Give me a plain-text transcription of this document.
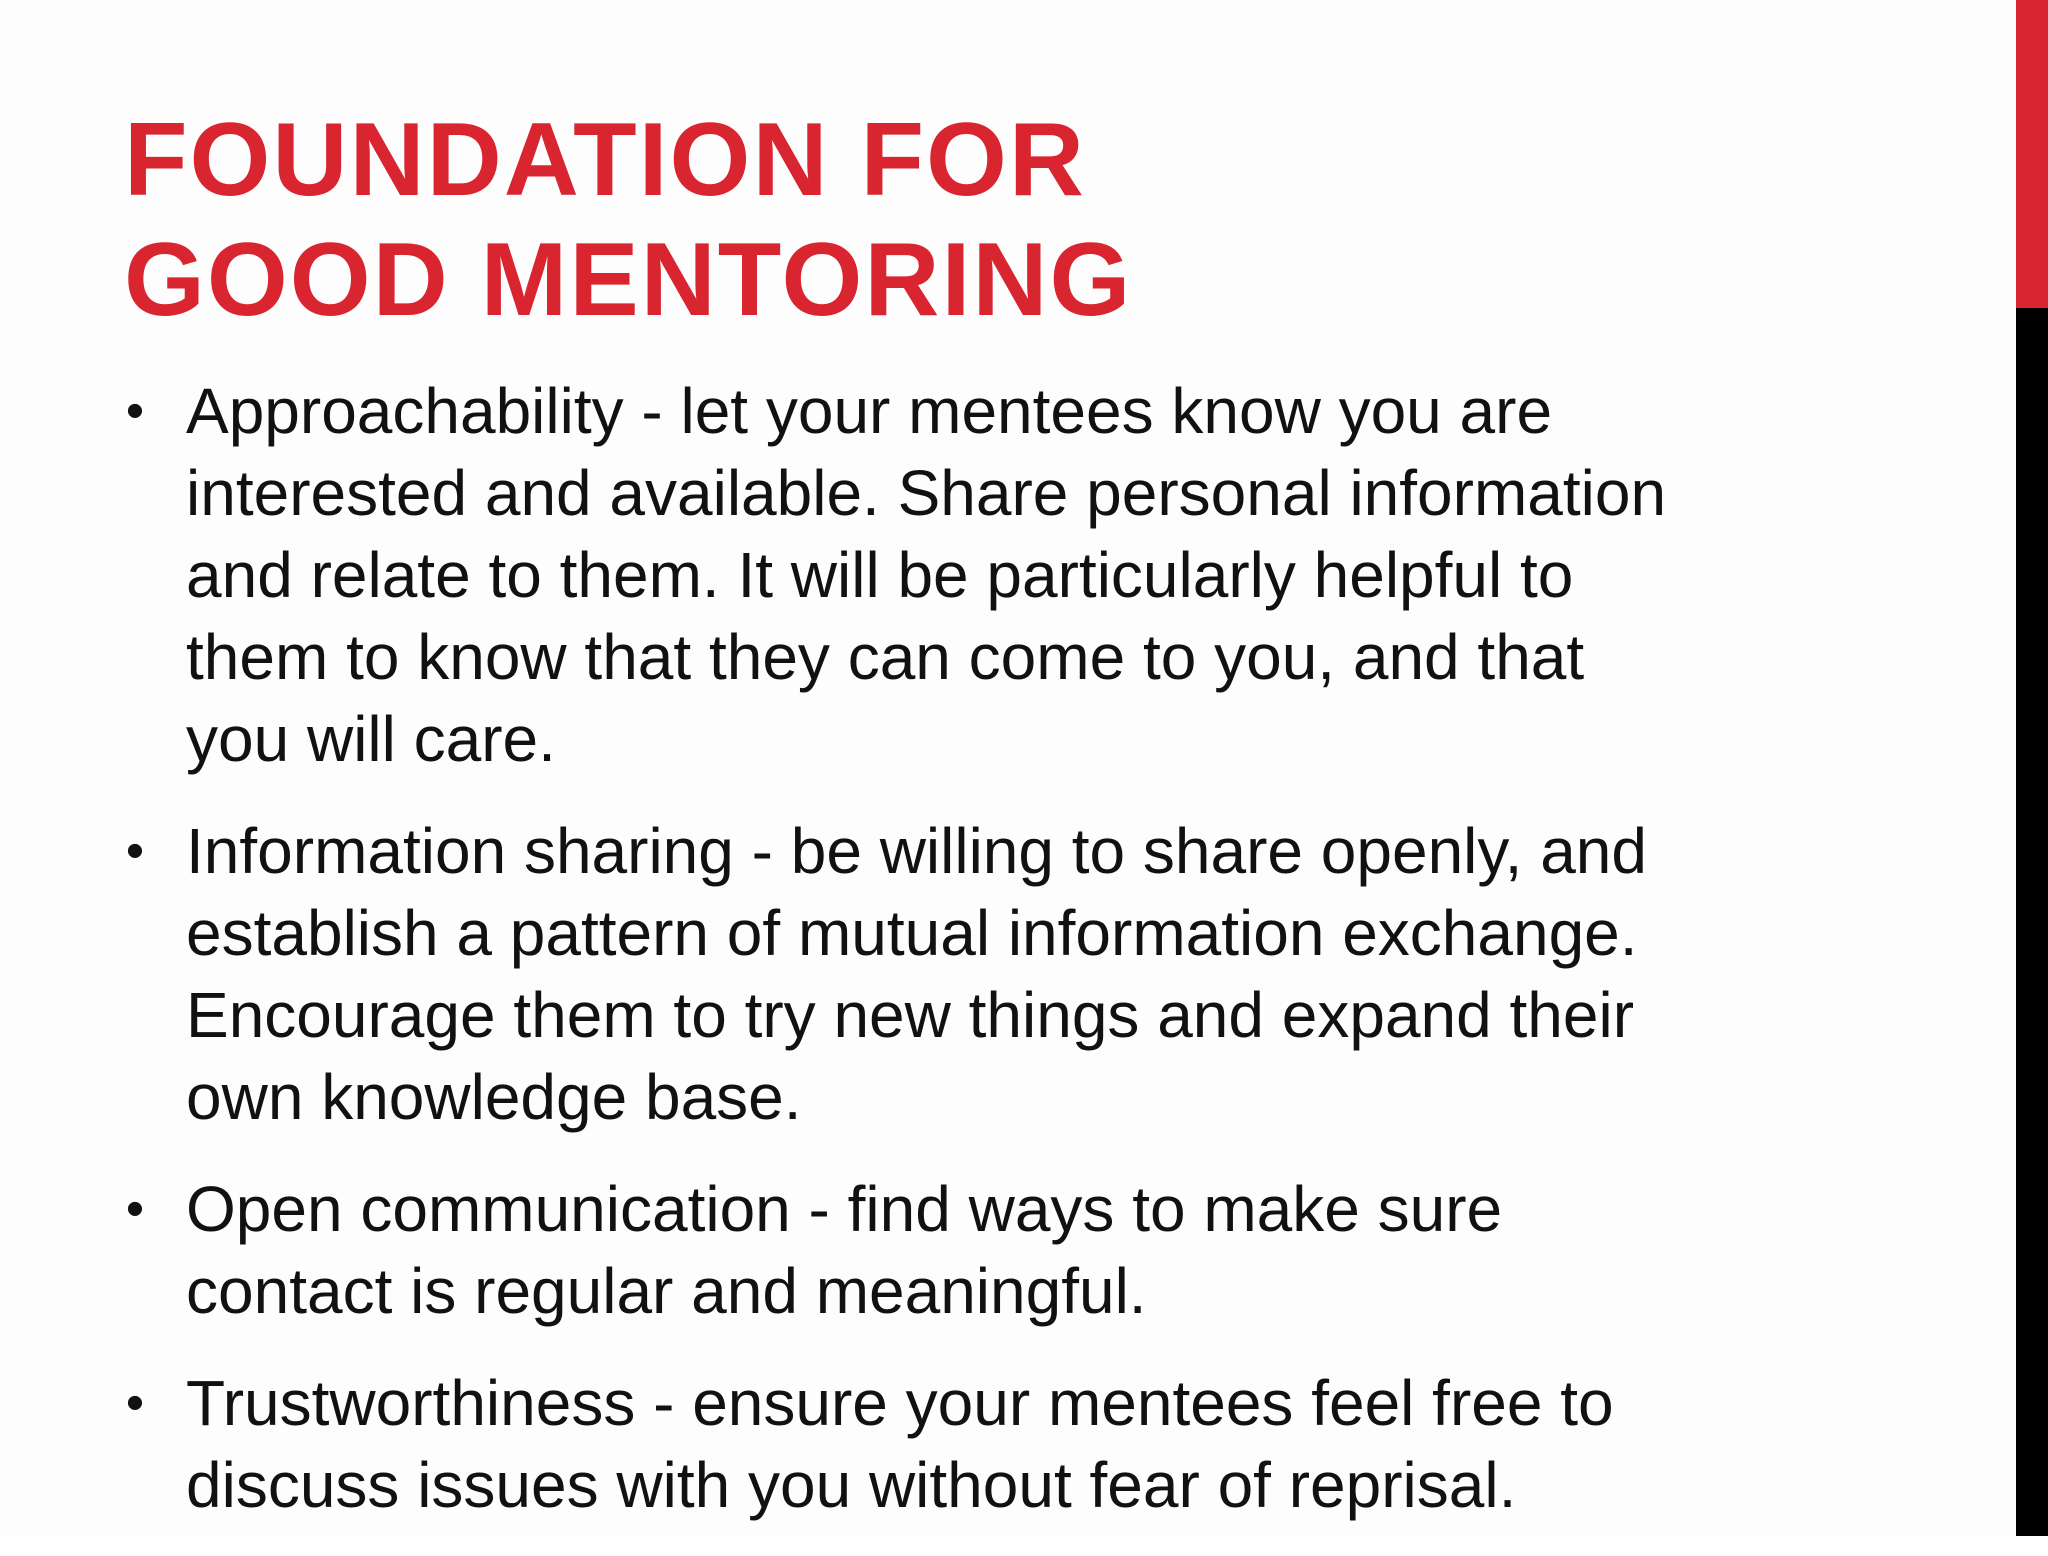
FOUNDATION FOR
GOOD MENTORING
• Approachability - let your mentees know you are
interested and available. Share personal information
and relate to them. It will be particularly helpful to
them to know that they can come to you, and that
you will care.
• Information sharing - be willing to share openly, and
establish a pattern of mutual information exchange.
Encourage them to try new things and expand their
own knowledge base.
• Open communication - find ways to make sure
contact is regular and meaningful.
• Trustworthiness - ensure your mentees feel free to
discuss issues with you without fear of reprisal.
